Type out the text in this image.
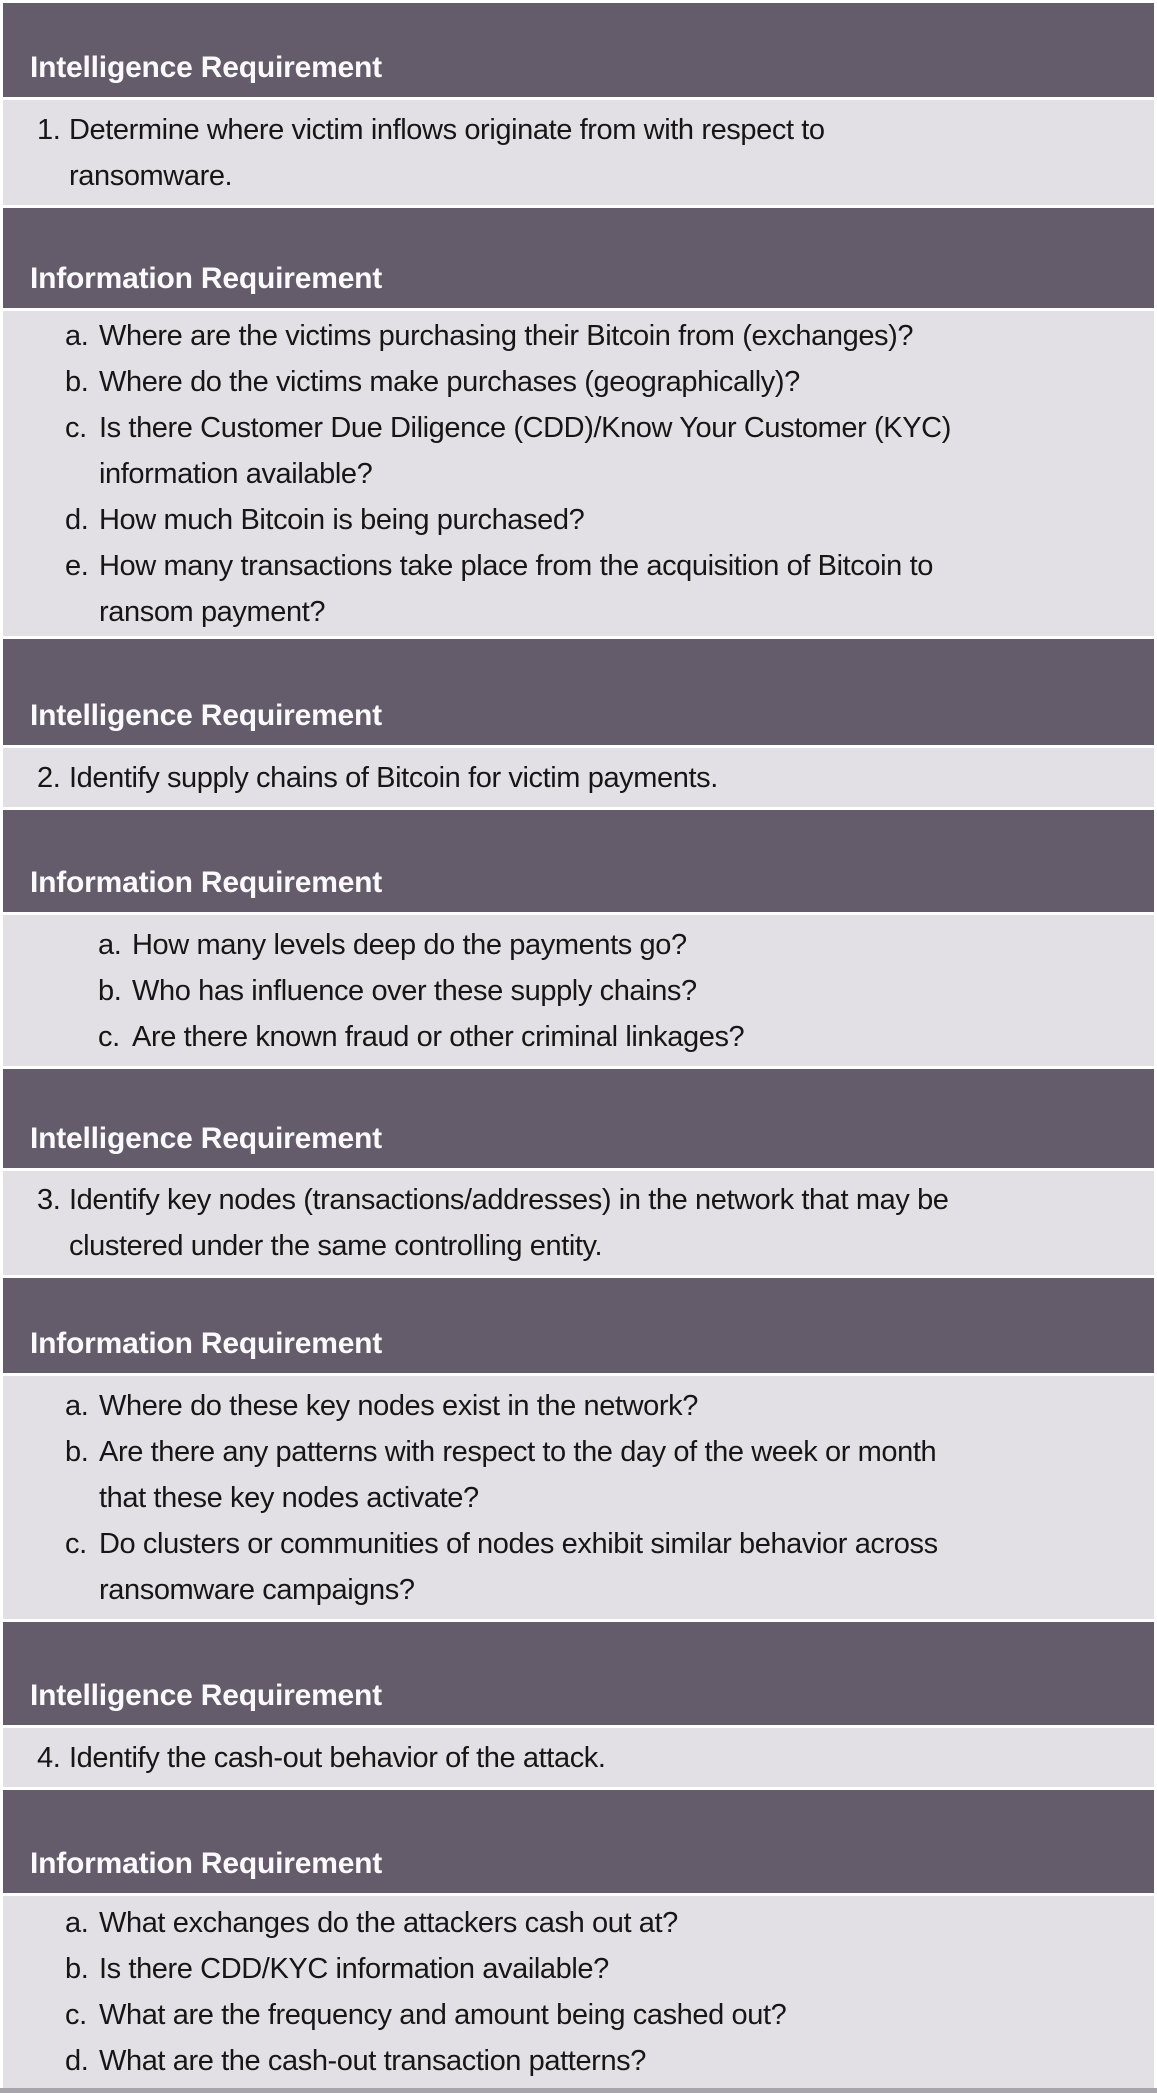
Intelligence Requirement
1. Determine where victim inflows originate from with respect to
ransomware.
Information Requirement
a. Where are the victims purchasing their Bitcoin from (exchanges)?
b. Where do the victims make purchases (geographically)?
c. Is there Customer Due Diligence (CDD)/Know Your Customer (KYC)
information available?
d. How much Bitcoin is being purchased?
e. How many transactions take place from the acquisition of Bitcoin to
ransom payment?
Intelligence Requirement
2. Identify supply chains of Bitcoin for victim payments.
Information Requirement
a. How many levels deep do the payments go?
b. Who has influence over these supply chains?
c. Are there known fraud or other criminal linkages?
Intelligence Requirement
3. Identify key nodes (transactions/addresses) in the network that may be
clustered under the same controlling entity.
Information Requirement
a. Where do these key nodes exist in the network?
b. Are there any patterns with respect to the day of the week or month
that these key nodes activate?
c. Do clusters or communities of nodes exhibit similar behavior across
ransomware campaigns?
Intelligence Requirement
4. Identify the cash-out behavior of the attack.
Information Requirement
a. What exchanges do the attackers cash out at?
b. Is there CDD/KYC information available?
c. What are the frequency and amount being cashed out?
d. What are the cash-out transaction patterns?
